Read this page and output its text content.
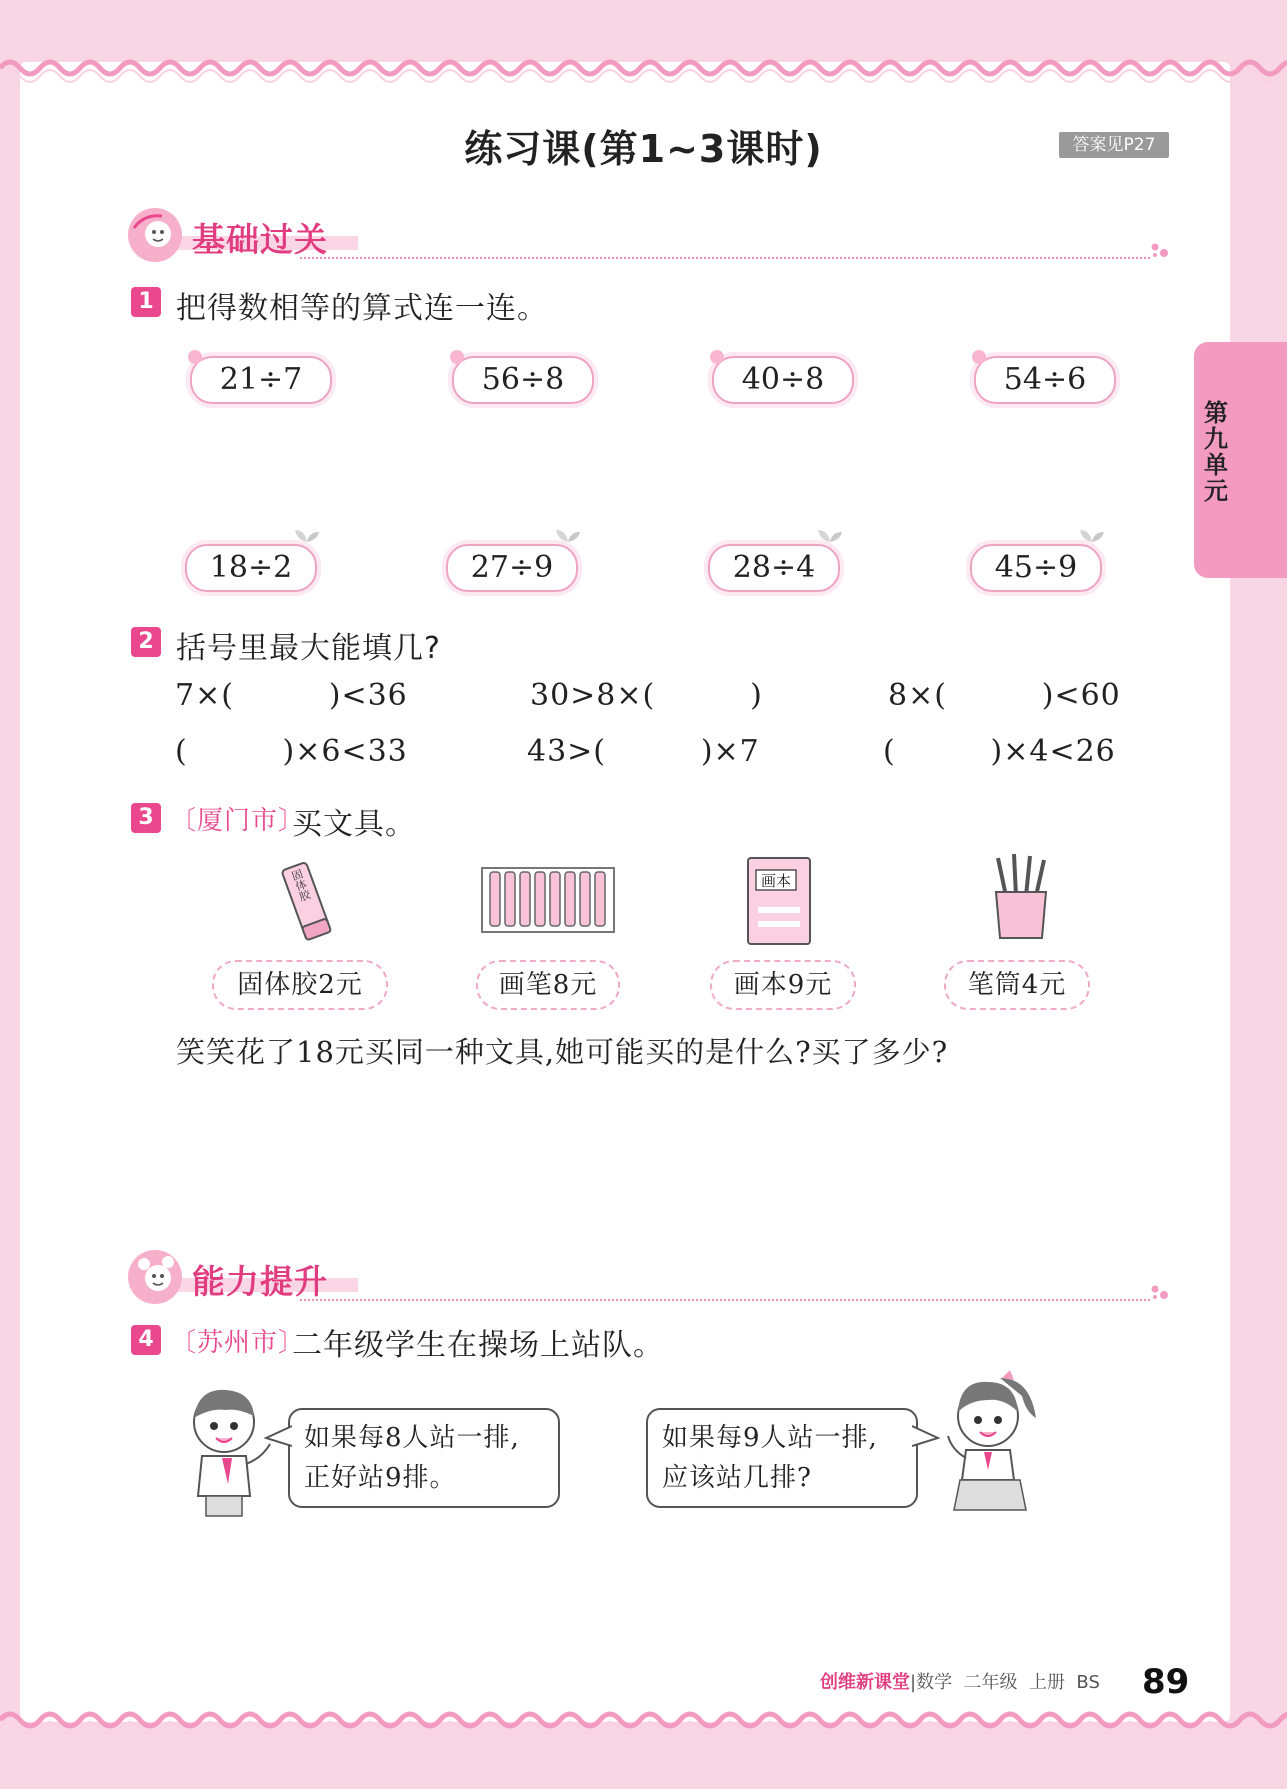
第九单元
练习课(第1~3课时)	答案见P27
基础过关
1 把得数相等的算式连一连。
21÷7	56÷8	40÷8	54÷6
18÷2	27÷9	28÷4	45÷9
2 括号里最大能填几?
7×(         )<36	30>8×(         )	8×(         )<60
(         )×6<33	43>(         )×7	(         )×4<26
3 〔厦门市〕
买文具。
固体胶	画本
固体胶2元	画笔8元	画本9元	笔筒4元
笑笑花了18元买同一种文具,她可能买的是什么?买了多少?
能力提升
4 〔苏州市〕
二年级学生在操场上站队。
如果每8人站一排,
正好站9排。
如果每9人站一排,
应该站几排?
创维新课堂|数学  二年级  上册  BS 89
